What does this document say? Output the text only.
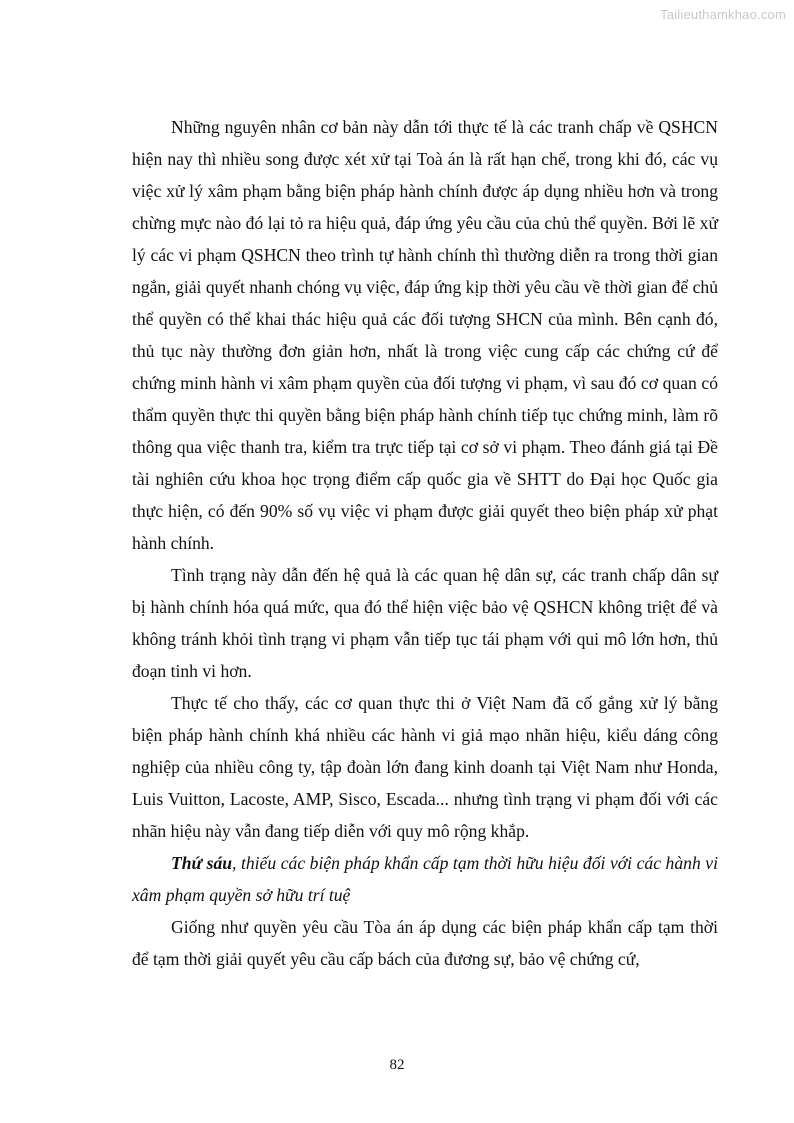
Tailieuthamkhao.com

Những nguyên nhân cơ bản này dẫn tới thực tế là các tranh chấp về QSHCN hiện nay thì nhiều song được xét xử tại Toà án là rất hạn chế, trong khi đó, các vụ việc xử lý xâm phạm bằng biện pháp hành chính được áp dụng nhiều hơn và trong chừng mực nào đó lại tỏ ra hiệu quả, đáp ứng yêu cầu của chủ thể quyền. Bởi lẽ xử lý các vi phạm QSHCN theo trình tự hành chính thì thường diễn ra trong thời gian ngắn, giải quyết nhanh chóng vụ việc, đáp ứng kịp thời yêu cầu về thời gian để chủ thể quyền có thể khai thác hiệu quả các đối tượng SHCN của mình. Bên cạnh đó, thủ tục này thường đơn giản hơn, nhất là trong việc cung cấp các chứng cứ để chứng minh hành vi xâm phạm quyền của đối tượng vi phạm, vì sau đó cơ quan có thẩm quyền thực thi quyền bằng biện pháp hành chính tiếp tục chứng minh, làm rõ thông qua việc thanh tra, kiểm tra trực tiếp tại cơ sở vi phạm. Theo đánh giá tại Đề tài nghiên cứu khoa học trọng điểm cấp quốc gia về SHTT do Đại học Quốc gia thực hiện, có đến 90% số vụ việc vi phạm được giải quyết theo biện pháp xử phạt hành chính.

Tình trạng này dẫn đến hệ quả là các quan hệ dân sự, các tranh chấp dân sự bị hành chính hóa quá mức, qua đó thể hiện việc bảo vệ QSHCN không triệt để và không tránh khỏi tình trạng vi phạm vẫn tiếp tục tái phạm với qui mô lớn hơn, thủ đoạn tinh vi hơn.

Thực tế cho thấy, các cơ quan thực thi ở Việt Nam đã cố gắng xử lý bằng biện pháp hành chính khá nhiều các hành vi giả mạo nhãn hiệu, kiểu dáng công nghiệp của nhiều công ty, tập đoàn lớn đang kinh doanh tại Việt Nam như Honda, Luis Vuitton, Lacoste, AMP, Sisco, Escada... nhưng tình trạng vi phạm đối với các nhãn hiệu này vẫn đang tiếp diễn với quy mô rộng khắp.

Thứ sáu, thiếu các biện pháp khẩn cấp tạm thời hữu hiệu đối với các hành vi xâm phạm quyền sở hữu trí tuệ

Giống như quyền yêu cầu Tòa án áp dụng các biện pháp khẩn cấp tạm thời để tạm thời giải quyết yêu cầu cấp bách của đương sự, bảo vệ chứng cứ,

82
